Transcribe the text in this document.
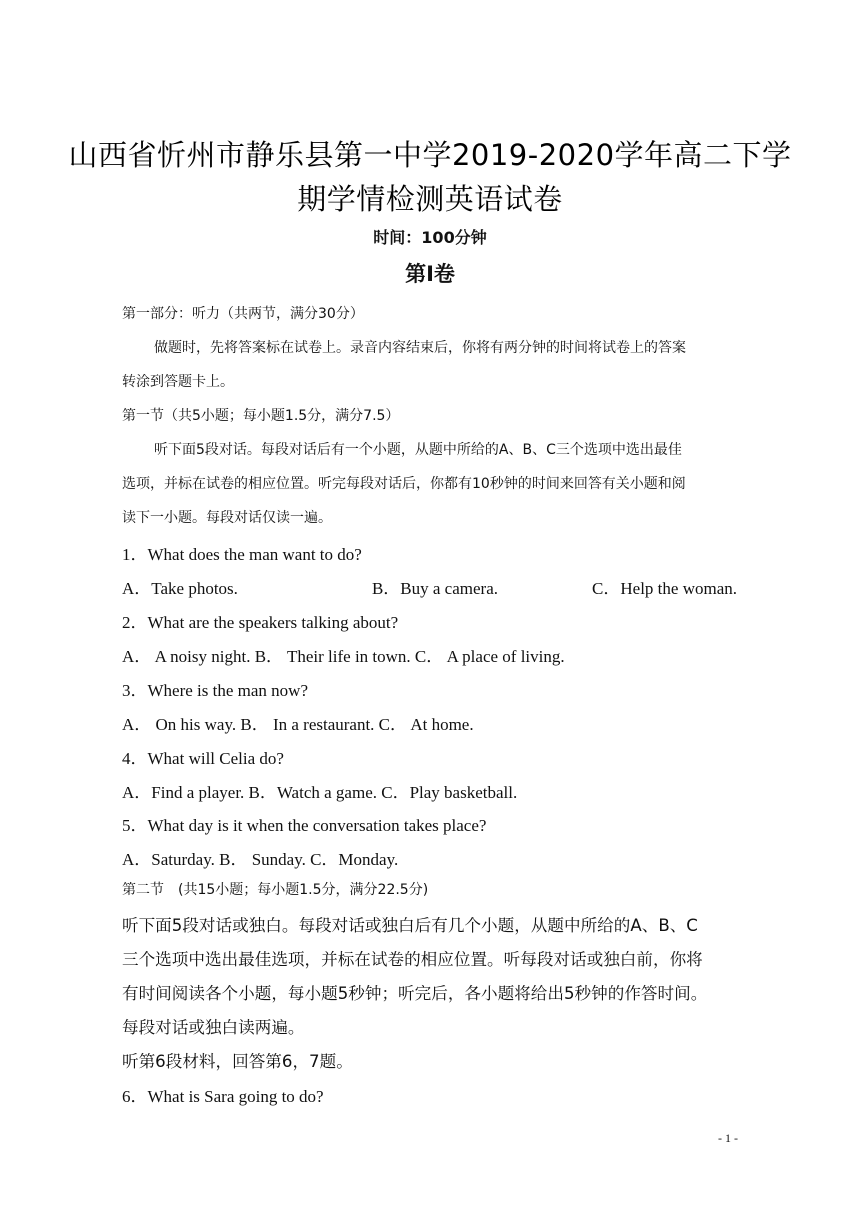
山西省忻州市静乐县第一中学2019-2020学年高二下学
期学情检测英语试卷
时间：100分钟
第I卷
第一部分：听力（共两节，满分30分）
做题时，先将答案标在试卷上。录音内容结束后，你将有两分钟的时间将试卷上的答案
转涂到答题卡上。
第一节（共5小题；每小题1.5分，满分7.5）
听下面5段对话。每段对话后有一个小题，从题中所给的A、B、C三个选项中选出最佳
选项，并标在试卷的相应位置。听完每段对话后，你都有10秒钟的时间来回答有关小题和阅
读下一小题。每段对话仅读一遍。
1．What does the man want to do?
A．Take photos.	B．Buy a camera.	C．Help the woman.
2．What are the speakers talking about?
A． A noisy night. B． Their life in town. C． A place of living.
3．Where is the man now?
A． On his way. B． In a restaurant. C． At home.
4．What will Celia do?
A．Find a player. B．Watch a game. C．Play basketball.
5．What day is it when the conversation takes place?
A．Saturday. B． Sunday. C．Monday.
第二节　(共15小题；每小题1.5分，满分22.5分)
听下面5段对话或独白。每段对话或独白后有几个小题，从题中所给的A、B、C
三个选项中选出最佳选项，并标在试卷的相应位置。听每段对话或独白前，你将
有时间阅读各个小题，每小题5秒钟；听完后，各小题将给出5秒钟的作答时间。
每段对话或独白读两遍。
听第6段材料，回答第6，7题。
6．What is Sara going to do?
- 1 -
